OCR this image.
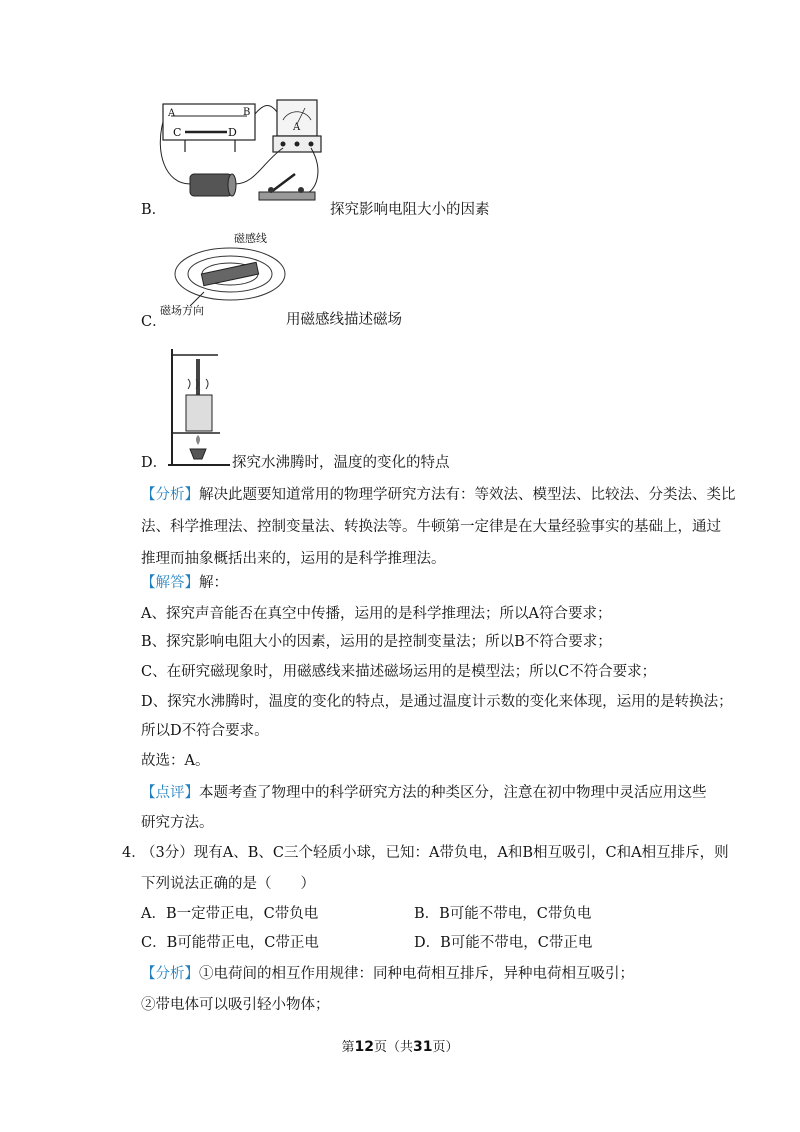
A	B
C	D	A
B．	探究影响电阻大小的因素
磁感线
磁场方向
C．	用磁感线描述磁场
D．	探究水沸腾时，温度的变化的特点
【分析】解决此题要知道常用的物理学研究方法有：等效法、模型法、比较法、分类法、类比
法、科学推理法、控制变量法、转换法等。牛顿第一定律是在大量经验事实的基础上，通过
推理而抽象概括出来的，运用的是科学推理法。
【解答】解：
A、探究声音能否在真空中传播，运用的是科学推理法；所以A符合要求；
B、探究影响电阻大小的因素，运用的是控制变量法；所以B不符合要求；
C、在研究磁现象时，用磁感线来描述磁场运用的是模型法；所以C不符合要求；
D、探究水沸腾时，温度的变化的特点，是通过温度计示数的变化来体现，运用的是转换法；
所以D不符合要求。
故选：A。
【点评】本题考查了物理中的科学研究方法的种类区分，注意在初中物理中灵活应用这些
研究方法。
4．
（3分）现有A、B、C三个轻质小球，已知：A带负电，A和B相互吸引，C和A相互排斥，则
下列说法正确的是（　　）
A．B一定带正电，C带负电	B．B可能不带电，C带负电
C．B可能带正电，C带正电	D．B可能不带电，C带正电
【分析】①电荷间的相互作用规律：同种电荷相互排斥，异种电荷相互吸引；
②带电体可以吸引轻小物体；
第12页（共31页）
